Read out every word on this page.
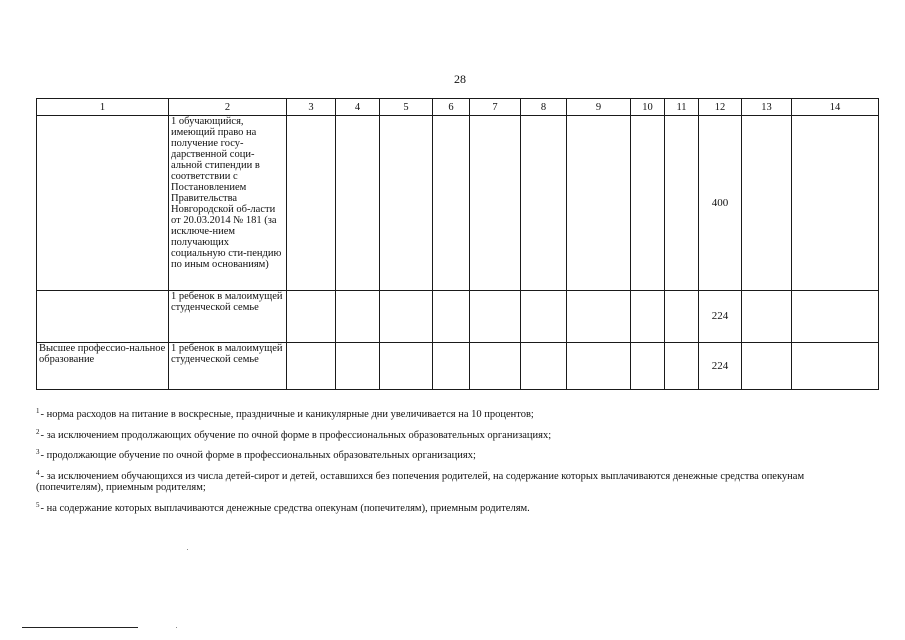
28
1	2	3	4	5	6	7	8	9	10	11	12	13	14
	1 обучающийся, имеющий право на получение госу-дарственной соци-альной стипендии в соответствии с Постановлением Правительства Новгородской об-ласти от 20.03.2014 № 181 (за исключе-нием получающих социальную сти-пендию по иным основаниям)										400		
	1 ребенок в малоимущей студенческой семье										224		
Высшее профессио-нальное образование	1 ребенок в малоимущей студенческой семье										224		
$^1$- норма расходов на питание в воскресные, праздничные и каникулярные дни увеличивается на 10 процентов;
$^2$- за исключением продолжающих обучение по очной форме в профессиональных образовательных организациях;
$^3$- продолжающие обучение по очной форме в профессиональных образовательных организациях;
$^4$- за исключением обучающихся из числа детей-сирот и детей, оставшихся без попечения родителей, на содержание которых выплачиваются денежные средства опекунам (попечителям), приемным родителям;
$^5$- на содержание которых выплачиваются денежные средства опекунам (попечителям), приемным родителям.
